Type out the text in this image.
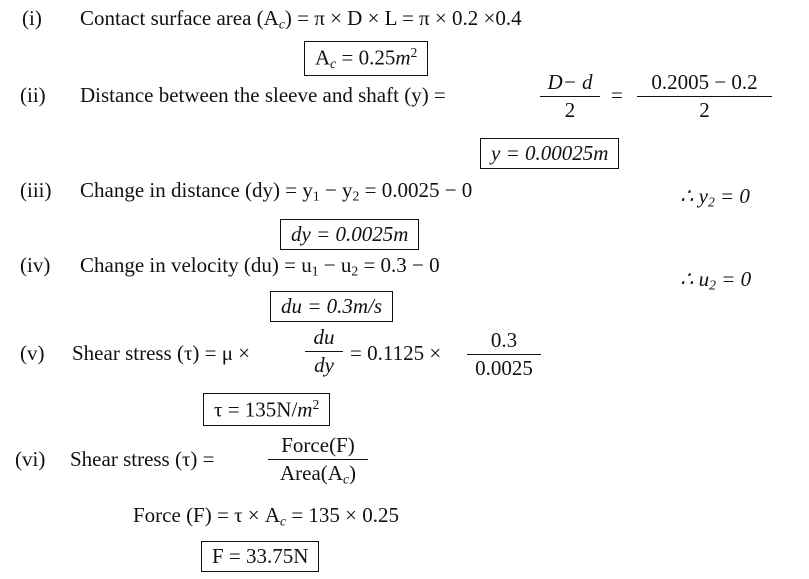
(i) Contact surface area $(A_c) = \pi \times D \times L = \pi \times 0.2 \times 0.4$
$A_c = 0.25m^2$
(ii) Distance between the sleeve and shaft (y) =
D− d
2
=
0.2005 − 0.2
2
y = 0.00025m
(iii) Change in distance $(dy) = y_1 - y_2 = 0.0025 - 0$	∴ $y_2 = 0$
dy = 0.0025m
(iv) Change in velocity $(du) = u_1 - u_2 = 0.3 - 0$
∴ $u_2 = 0$
du = 0.3m/s
(v) Shear stress (τ) = μ ×
du
dy = 0.1125 ×
0.3
0.0025
$\tau = 135N/m^2$
(vi) Shear stress (τ) =
Force(F)
$Area(A_c)$
Force $(F) = \tau \times A_c = 135 \times 0.25$
F = 33.75N
